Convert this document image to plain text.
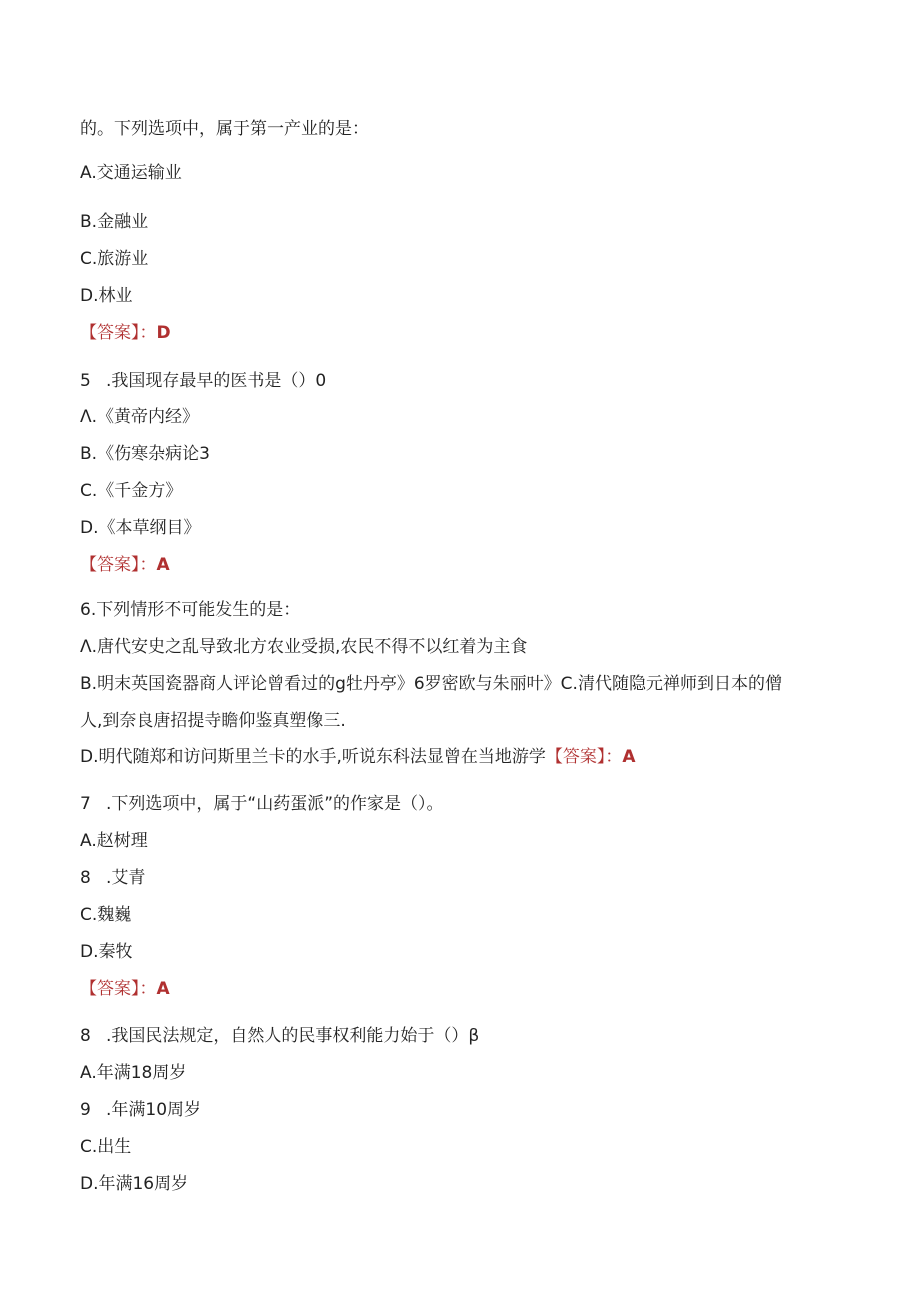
的。下列选项中，属于第一产业的是：
A.交通运输业
B.金融业
C.旅游业
D.林业
【答案】：D
5 .我国现存最早的医书是（）0
Λ.《黄帝内经》
B.《伤寒杂病论3
C.《千金方》
D.《本草纲目》
【答案】：A
6.下列情形不可能发生的是：
Λ.唐代安史之乱导致北方农业受损,农民不得不以红着为主食
B.明末英国瓷器商人评论曾看过的g牡丹亭》6罗密欧与朱丽叶》C.清代随隐元禅师到日本的僧
人,到奈良唐招提寺瞻仰鉴真塑像三.
D.明代随郑和访问斯里兰卡的水手,听说东科法显曾在当地游学【答案】：A
7 .下列选项中，属于“山药蛋派”的作家是（）。
A.赵树理
8 .艾青
C.魏巍
D.秦牧
【答案】：A
8 .我国民法规定，自然人的民事权利能力始于（）β
A.年满18周岁
9 .年满10周岁
C.出生
D.年满16周岁
